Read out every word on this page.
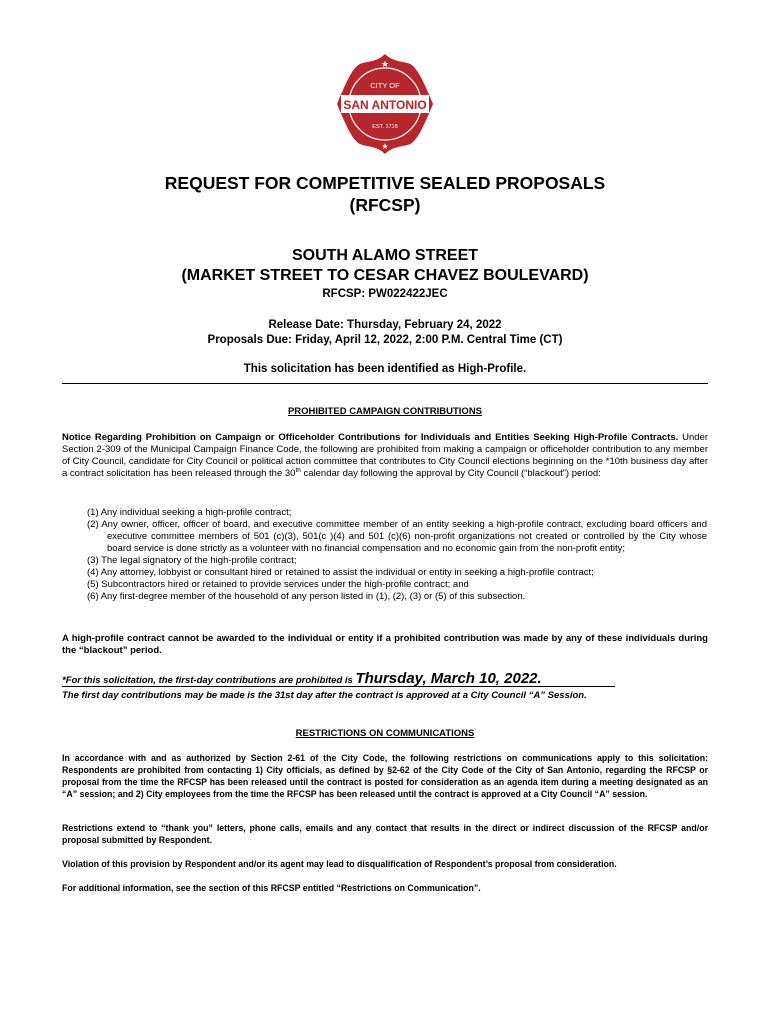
★
★
CITY OF
SAN ANTONIO
EST. 1718
REQUEST FOR COMPETITIVE SEALED PROPOSALS
(RFCSP)
SOUTH ALAMO STREET
(MARKET STREET TO CESAR CHAVEZ BOULEVARD)
RFCSP: PW022422JEC
Release Date: Thursday, February 24, 2022
Proposals Due: Friday, April 12, 2022, 2:00 P.M. Central Time (CT)
This solicitation has been identified as High-Profile.
PROHIBITED CAMPAIGN CONTRIBUTIONS
Notice Regarding Prohibition on Campaign or Officeholder Contributions for Individuals and Entities Seeking High-Profile Contracts. Under Section 2-309 of the Municipal Campaign Finance Code, the following are prohibited from making a campaign or officeholder contribution to any member of City Council, candidate for City Council or political action committee that contributes to City Council elections beginning on the *10th business day after a contract solicitation has been released through the 30th calendar day following the approval by City Council (“blackout”) period:
(1) Any individual seeking a high-profile contract;
(2) Any owner, officer, officer of board, and executive committee member of an entity seeking a high-profile contract, excluding board officers and executive committee members of 501 (c)(3), 501(c )(4) and 501 (c)(6) non-profit organizations not created or controlled by the City whose board service is done strictly as a volunteer with no financial compensation and no economic gain from the non-profit entity;
(3) The legal signatory of the high-profile contract;
(4) Any attorney, lobbyist or consultant hired or retained to assist the individual or entity in seeking a high-profile contract;
(5) Subcontractors hired or retained to provide services under the high-profile contract; and
(6) Any first-degree member of the household of any person listed in (1), (2), (3) or (5) of this subsection.
A high-profile contract cannot be awarded to the individual or entity if a prohibited contribution was made by any of these individuals during the “blackout” period.
*For this solicitation, the first-day contributions are prohibited is Thursday, March 10, 2022.
The first day contributions may be made is the 31st day after the contract is approved at a City Council “A” Session.
RESTRICTIONS ON COMMUNICATIONS
In accordance with and as authorized by Section 2-61 of the City Code, the following restrictions on communications apply to this solicitation: Respondents are prohibited from contacting 1) City officials, as defined by §2-62 of the City Code of the City of San Antonio, regarding the RFCSP or proposal from the time the RFCSP has been released until the contract is posted for consideration as an agenda item during a meeting designated as an “A” session; and 2) City employees from the time the RFCSP has been released until the contract is approved at a City Council “A” session.
Restrictions extend to “thank you” letters, phone calls, emails and any contact that results in the direct or indirect discussion of the RFCSP and/or proposal submitted by Respondent.
Violation of this provision by Respondent and/or its agent may lead to disqualification of Respondent’s proposal from consideration.
For additional information, see the section of this RFCSP entitled “Restrictions on Communication”.
